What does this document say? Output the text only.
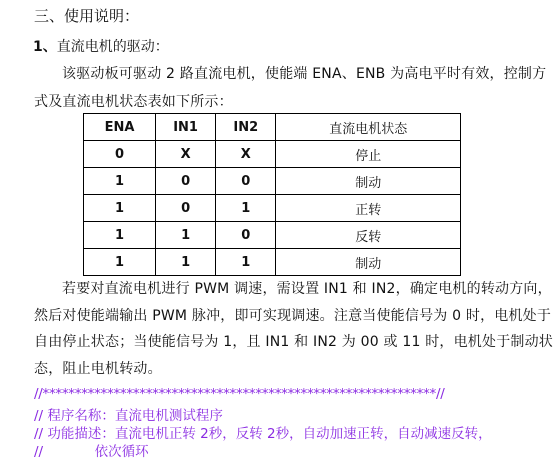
三、使用说明：
1、直流电机的驱动：
该驱动板可驱动 2 路直流电机，使能端 ENA、ENB 为高电平时有效，控制方
式及直流电机状态表如下所示：
ENA	IN1	IN2	直流电机状态
0	X	X	停止
1	0	0	制动
1	0	1	正转
1	1	0	反转
1	1	1	制动
若要对直流电机进行 PWM 调速，需设置 IN1 和 IN2，确定电机的转动方向，
然后对使能端输出 PWM 脉冲，即可实现调速。注意当使能信号为 0 时，电机处于
自由停止状态；当使能信号为 1，且 IN1 和 IN2 为 00 或 11 时，电机处于制动状
态，阻止电机转动。
//*************************************************************//
// 程序名称：直流电机测试程序
// 功能描述：直流电机正转 2秒，反转 2秒，自动加速正转，自动减速反转，
//            依次循环
